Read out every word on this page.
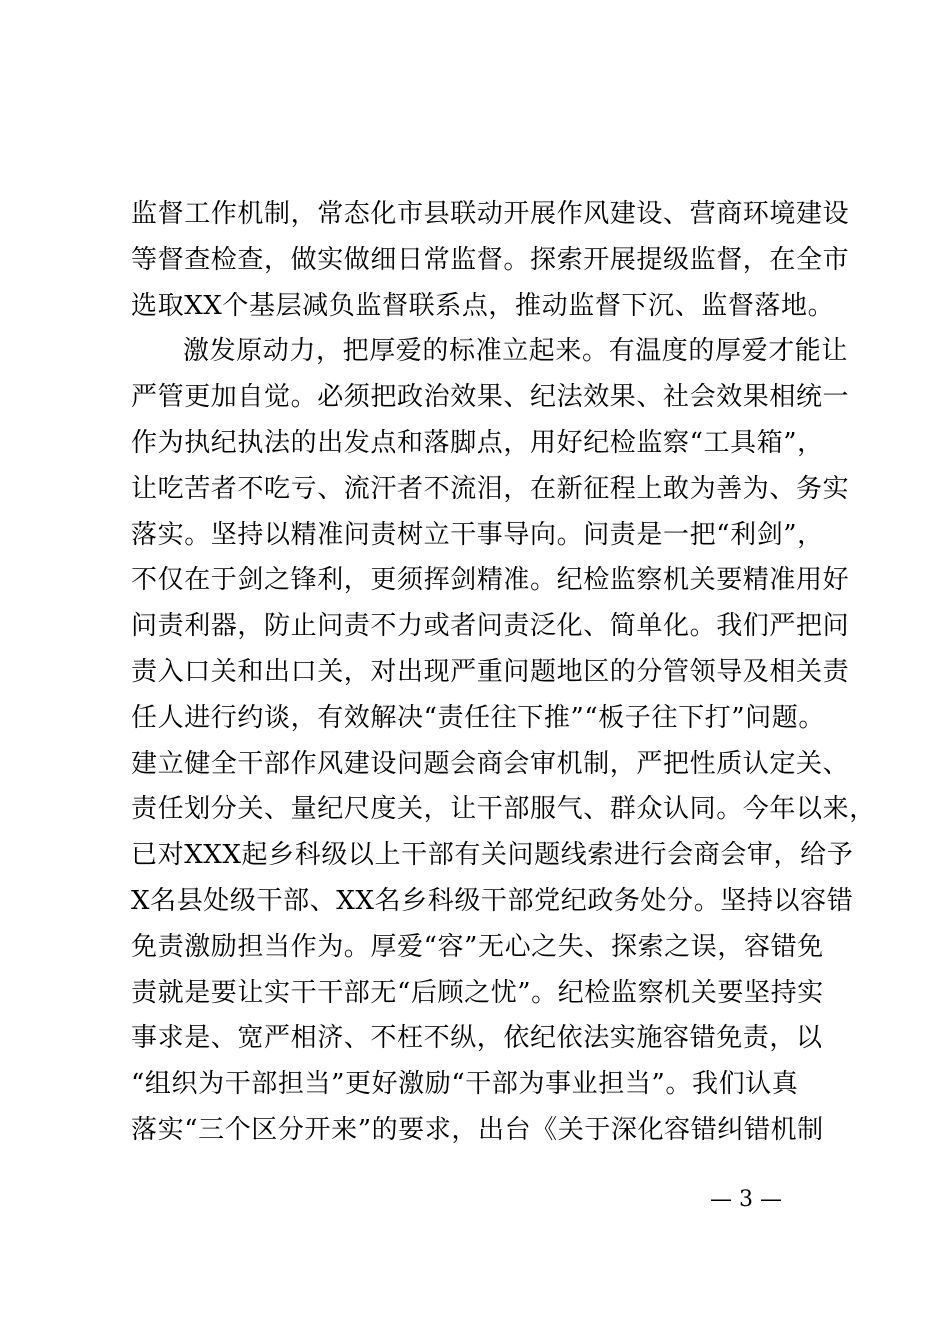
监督工作机制，常态化市县联动开展作风建设、营商环境建设
等督查检查，做实做细日常监督。探索开展提级监督，在全市
选取XX个基层减负监督联系点，推动监督下沉、监督落地。
激发原动力，把厚爱的标准立起来。有温度的厚爱才能让
严管更加自觉。必须把政治效果、纪法效果、社会效果相统一
作为执纪执法的出发点和落脚点，用好纪检监察“工具箱”，
让吃苦者不吃亏、流汗者不流泪，在新征程上敢为善为、务实
落实。坚持以精准问责树立干事导向。问责是一把“利剑”，
不仅在于剑之锋利，更须挥剑精准。纪检监察机关要精准用好
问责利器，防止问责不力或者问责泛化、简单化。我们严把问
责入口关和出口关，对出现严重问题地区的分管领导及相关责
任人进行约谈，有效解决“责任往下推”“板子往下打”问题。
建立健全干部作风建设问题会商会审机制，严把性质认定关、
责任划分关、量纪尺度关，让干部服气、群众认同。今年以来，
已对XXX起乡科级以上干部有关问题线索进行会商会审，给予
X名县处级干部、XX名乡科级干部党纪政务处分。坚持以容错
免责激励担当作为。厚爱“容”无心之失、探索之误，容错免
责就是要让实干干部无“后顾之忧”。纪检监察机关要坚持实
事求是、宽严相济、不枉不纵，依纪依法实施容错免责，以
“组织为干部担当”更好激励“干部为事业担当”。我们认真
落实“三个区分开来”的要求，出台《关于深化容错纠错机制
— 3 —
